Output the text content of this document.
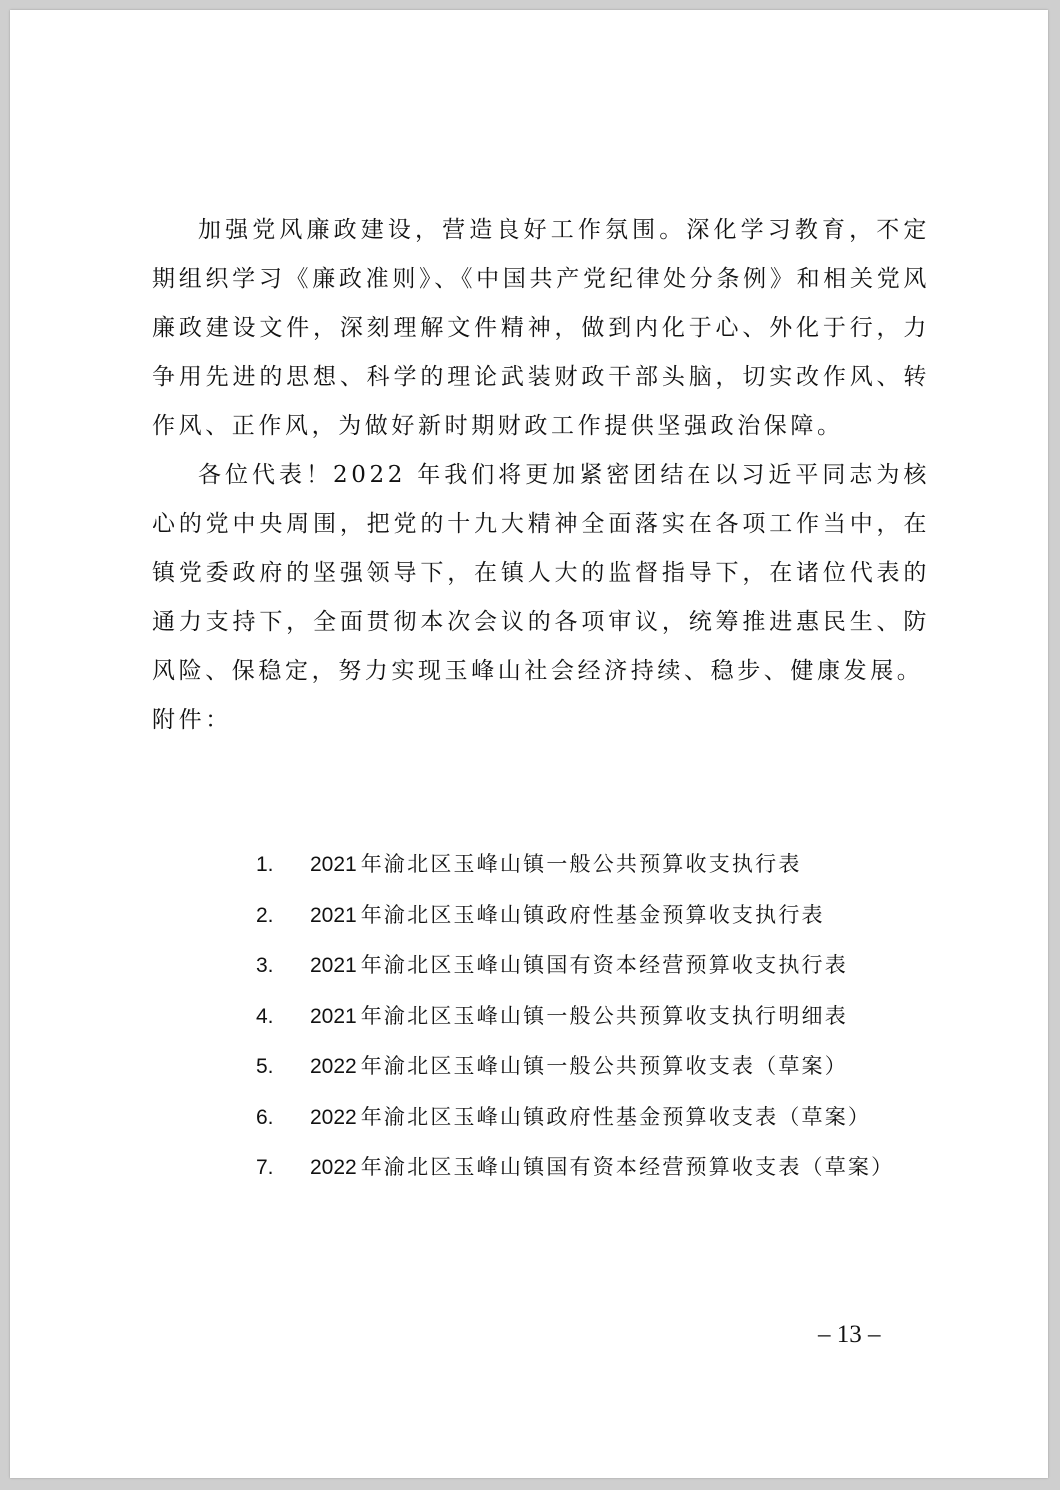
加强党风廉政建设，营造良好工作氛围。深化学习教育，不定期组织学习《廉政准则》、《中国共产党纪律处分条例》和相关党风廉政建设文件，深刻理解文件精神，做到内化于心、外化于行，力争用先进的思想、科学的理论武装财政干部头脑，切实改作风、转作风、正作风，为做好新时期财政工作提供坚强政治保障。

各位代表！2022 年我们将更加紧密团结在以习近平同志为核心的党中央周围，把党的十九大精神全面落实在各项工作当中，在镇党委政府的坚强领导下，在镇人大的监督指导下，在诸位代表的通力支持下，全面贯彻本次会议的各项审议，统筹推进惠民生、防风险、保稳定，努力实现玉峰山社会经济持续、稳步、健康发展。

附件：

1. 2021 年渝北区玉峰山镇一般公共预算收支执行表
2. 2021 年渝北区玉峰山镇政府性基金预算收支执行表
3. 2021 年渝北区玉峰山镇国有资本经营预算收支执行表
4. 2021 年渝北区玉峰山镇一般公共预算收支执行明细表
5. 2022 年渝北区玉峰山镇一般公共预算收支表（草案）
6. 2022 年渝北区玉峰山镇政府性基金预算收支表（草案）
7. 2022 年渝北区玉峰山镇国有资本经营预算收支表（草案）
– 13 –
